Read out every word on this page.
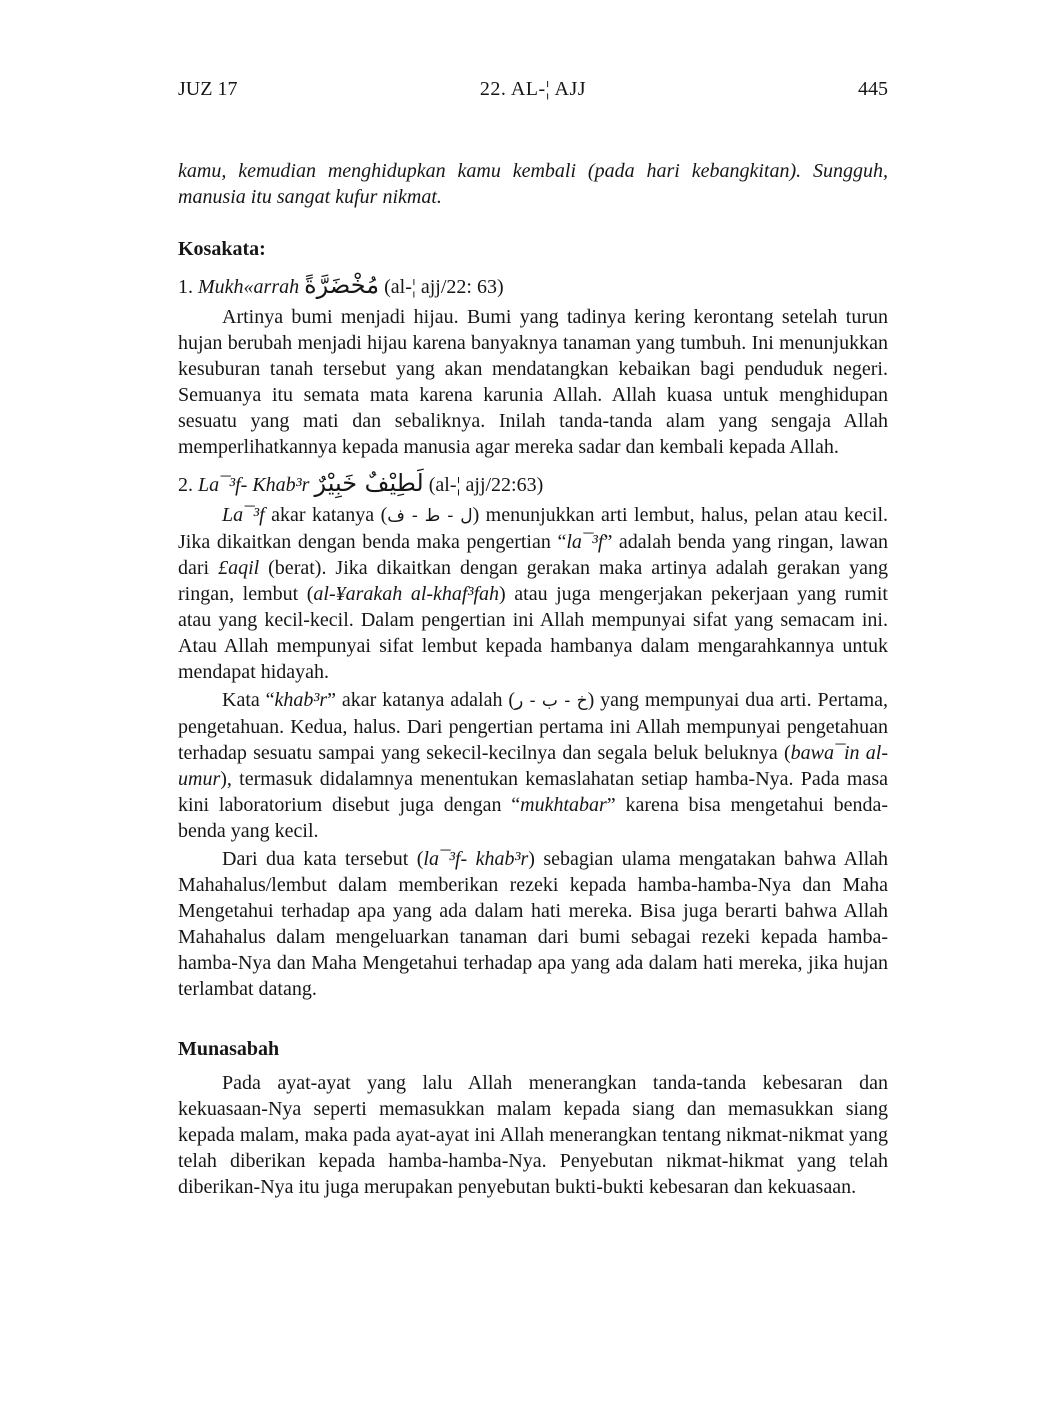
JUZ 17	22. AL-¦ AJJ	445

kamu, kemudian menghidupkan kamu kembali (pada hari kebangkitan). Sungguh, manusia itu sangat kufur nikmat.

Kosakata:

1. Mukh«arrah مُخْضَرَّةً (al-¦ ajj/22: 63)

Artinya bumi menjadi hijau. Bumi yang tadinya kering kerontang setelah turun hujan berubah menjadi hijau karena banyaknya tanaman yang tumbuh. Ini menunjukkan kesuburan tanah tersebut yang akan mendatangkan kebaikan bagi penduduk negeri. Semuanya itu semata mata karena karunia Allah. Allah kuasa untuk menghidupan sesuatu yang mati dan sebaliknya. Inilah tanda-tanda alam yang sengaja Allah memperlihatkannya kepada manusia agar mereka sadar dan kembali kepada Allah.

2. La¯³f- Khab³r لَطِيْفٌ خَبِيْرٌ (al-¦ ajj/22:63)

La¯³f akar katanya (ل - ط - ف) menunjukkan arti lembut, halus, pelan atau kecil. Jika dikaitkan dengan benda maka pengertian “la¯³f” adalah benda yang ringan, lawan dari £aqil (berat). Jika dikaitkan dengan gerakan maka artinya adalah gerakan yang ringan, lembut (al-¥arakah al-khaf³fah) atau juga mengerjakan pekerjaan yang rumit atau yang kecil-kecil. Dalam pengertian ini Allah mempunyai sifat yang semacam ini. Atau Allah mempunyai sifat lembut kepada hambanya dalam mengarahkannya untuk mendapat hidayah.

Kata “khab³r” akar katanya adalah (خ - ب - ر) yang mempunyai dua arti. Pertama, pengetahuan. Kedua, halus. Dari pengertian pertama ini Allah mempunyai pengetahuan terhadap sesuatu sampai yang sekecil-kecilnya dan segala beluk beluknya (bawa¯in al-umur), termasuk didalamnya menentukan kemaslahatan setiap hamba-Nya. Pada masa kini laboratorium disebut juga dengan “mukhtabar” karena bisa mengetahui benda-benda yang kecil.

Dari dua kata tersebut (la¯³f- khab³r) sebagian ulama mengatakan bahwa Allah Mahahalus/lembut dalam memberikan rezeki kepada hamba-hamba-Nya dan Maha Mengetahui terhadap apa yang ada dalam hati mereka. Bisa juga berarti bahwa Allah Mahahalus dalam mengeluarkan tanaman dari bumi sebagai rezeki kepada hamba-hamba-Nya dan Maha Mengetahui terhadap apa yang ada dalam hati mereka, jika hujan terlambat datang.

Munasabah

Pada ayat-ayat yang lalu Allah menerangkan tanda-tanda kebesaran dan kekuasaan-Nya seperti memasukkan malam kepada siang dan memasukkan siang kepada malam, maka pada ayat-ayat ini Allah menerangkan tentang nikmat-nikmat yang telah diberikan kepada hamba-hamba-Nya. Penyebutan nikmat-hikmat yang telah diberikan-Nya itu juga merupakan penyebutan bukti-bukti kebesaran dan kekuasaan.
